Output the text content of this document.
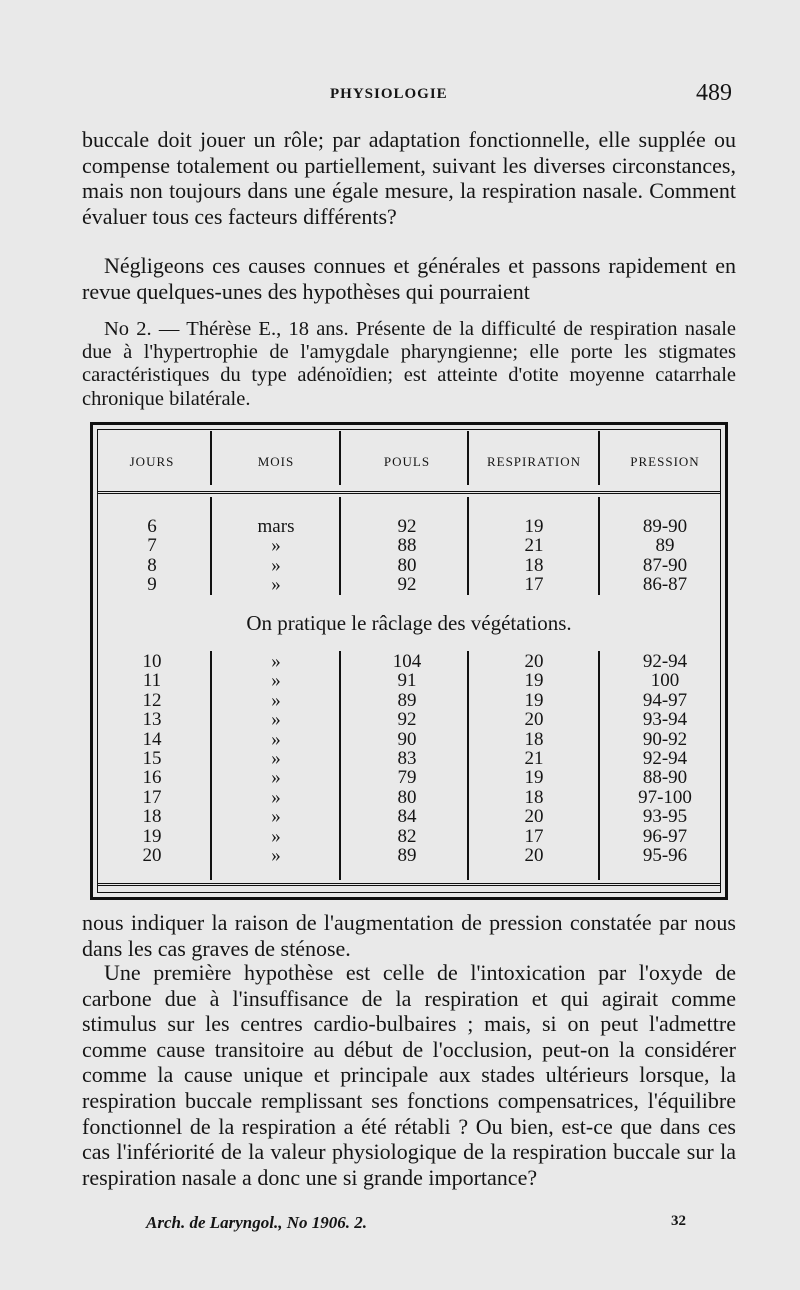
PHYSIOLOGIE	489

buccale doit jouer un rôle; par adaptation fonctionnelle, elle supplée ou compense totalement ou partiellement, suivant les diverses circonstances, mais non toujours dans une égale mesure, la respiration nasale. Comment évaluer tous ces facteurs différents?

Négligeons ces causes connues et générales et passons rapidement en revue quelques-unes des hypothèses qui pourraient

No 2. — Thérèse E., 18 ans. Présente de la difficulté de respiration nasale due à l'hypertrophie de l'amygdale pharyngienne; elle porte les stigmates caractéristiques du type adénoïdien; est atteinte d'otite moyenne catarrhale chronique bilatérale.

JOURS	MOIS	POULS	RESPIRATION	PRESSION
6	mars	92	19	89-90
7	»	88	21	89
8	»	80	18	87-90
9	»	92	17	86-87
On pratique le râclage des végétations.
10	»	104	20	92-94
11	»	91	19	100
12	»	89	19	94-97
13	»	92	20	93-94
14	»	90	18	90-92
15	»	83	21	92-94
16	»	79	19	88-90
17	»	80	18	97-100
18	»	84	20	93-95
19	»	82	17	96-97
20	»	89	20	95-96

nous indiquer la raison de l'augmentation de pression constatée par nous dans les cas graves de sténose.

Une première hypothèse est celle de l'intoxication par l'oxyde de carbone due à l'insuffisance de la respiration et qui agirait comme stimulus sur les centres cardio-bulbaires ; mais, si on peut l'admettre comme cause transitoire au début de l'occlusion, peut-on la considérer comme la cause unique et principale aux stades ultérieurs lorsque, la respiration buccale remplissant ses fonctions compensatrices, l'équilibre fonctionnel de la respiration a été rétabli ? Ou bien, est-ce que dans ces cas l'infériorité de la valeur physiologique de la respiration buccale sur la respiration nasale a donc une si grande importance?

Arch. de Laryngol., No 1906. 2.	32
